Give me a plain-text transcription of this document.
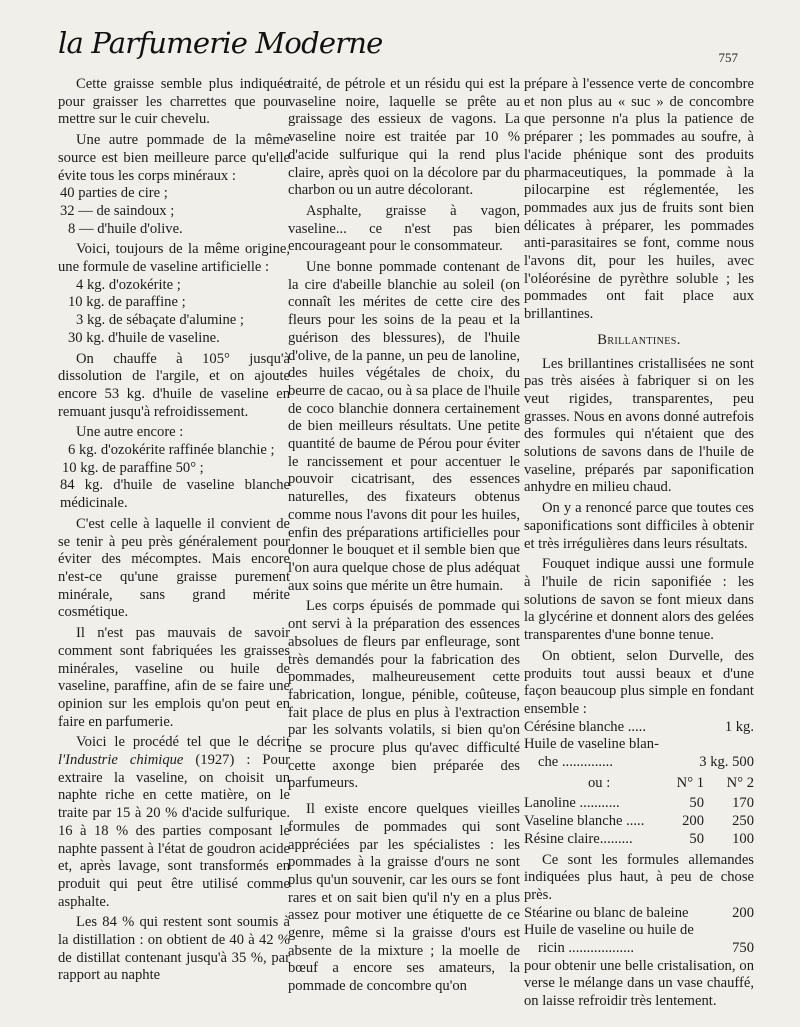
la Parfumerie Moderne	757

Cette graisse semble plus indiquée pour graisser les charrettes que pour mettre sur le cuir chevelu.

Une autre pommade de la même source est bien meilleure parce qu'elle évite tous les corps minéraux :

40 parties de cire ;

32 — de saindoux ;

8 — d'huile d'olive.

Voici, toujours de la même origine, une formule de vaseline artificielle :

4 kg. d'ozokérite ;

10 kg. de paraffine ;

3 kg. de sébaçate d'alumine ;

30 kg. d'huile de vaseline.

On chauffe à 105° jusqu'à dissolution de l'argile, et on ajoute encore 53 kg. d'huile de vaseline en remuant jusqu'à refroidissement.

Une autre encore :

6 kg. d'ozokérite raffinée blanchie ;

10 kg. de paraffine 50° ;

84 kg. d'huile de vaseline blanche médicinale.

C'est celle à laquelle il convient de se tenir à peu près généralement pour éviter des mécomptes. Mais encore n'est-ce qu'une graisse purement minérale, sans grand mérite cosmétique.

Il n'est pas mauvais de savoir comment sont fabriquées les graisses minérales, vaseline ou huile de vaseline, paraffine, afin de se faire une opinion sur les emplois qu'on peut en faire en parfumerie.

Voici le procédé tel que le décrit l'Industrie chimique (1927) : Pour extraire la vaseline, on choisit un naphte riche en cette matière, on le traite par 15 à 20 % d'acide sulfurique. 16 à 18 % des parties composant le naphte passent à l'état de goudron acide et, après lavage, sont transformés en produit qui peut être utilisé comme asphalte.

Les 84 % qui restent sont soumis à la distillation : on obtient de 40 à 42 % de distillat contenant jusqu'à 35 %, par rapport au naphte

traité, de pétrole et un résidu qui est la vaseline noire, laquelle se prête au graissage des essieux de vagons. La vaseline noire est traitée par 10 % d'acide sulfurique qui la rend plus claire, après quoi on la décolore par du charbon ou un autre décolorant.

Asphalte, graisse à vagon, vaseline... ce n'est pas bien encourageant pour le consommateur.

Une bonne pommade contenant de la cire d'abeille blanchie au soleil (on connaît les mérites de cette cire des fleurs pour les soins de la peau et la guérison des blessures), de l'huile d'olive, de la panne, un peu de lanoline, des huiles végétales de choix, du beurre de cacao, ou à sa place de l'huile de coco blanchie donnera certainement de bien meilleurs résultats. Une petite quantité de baume de Pérou pour éviter le rancissement et pour accentuer le pouvoir cicatrisant, des essences naturelles, des fixateurs obtenus comme nous l'avons dit pour les huiles, enfin des préparations artificielles pour donner le bouquet et il semble bien que l'on aura quelque chose de plus adéquat aux soins que mérite un être humain.

Les corps épuisés de pommade qui ont servi à la préparation des essences absolues de fleurs par enfleurage, sont très demandés pour la fabrication des pommades, malheureusement cette fabrication, longue, pénible, coûteuse, fait place de plus en plus à l'extraction par les solvants volatils, si bien qu'on ne se procure plus qu'avec difficulté cette axonge bien préparée des parfumeurs.

Il existe encore quelques vieilles formules de pommades qui sont appréciées par les spécialistes : les pommades à la graisse d'ours ne sont plus qu'un souvenir, car les ours se font rares et on sait bien qu'il n'y en a plus assez pour motiver une étiquette de ce genre, même si la graisse d'ours est absente de la mixture ; la moelle de bœuf a encore ses amateurs, la pommade de concombre qu'on

prépare à l'essence verte de concombre et non plus au « suc » de concombre que personne n'a plus la patience de préparer ; les pommades au soufre, à l'acide phénique sont des produits pharmaceutiques, la pommade à la pilocarpine est réglementée, les pommades aux jus de fruits sont bien délicates à préparer, les pommades anti-parasitaires se font, comme nous l'avons dit, pour les huiles, avec l'oléorésine de pyrèthre soluble ; les pommades ont fait place aux brillantines.

Brillantines.

Les brillantines cristallisées ne sont pas très aisées à fabriquer si on les veut rigides, transparentes, peu grasses. Nous en avons donné autrefois des formules qui n'étaient que des solutions de savons dans de l'huile de vaseline, préparés par saponification anhydre en milieu chaud.

On y a renoncé parce que toutes ces saponifications sont difficiles à obtenir et très irrégulières dans leurs résultats.

Fouquet indique aussi une formule à l'huile de ricin saponifiée : les solutions de savon se font mieux dans la glycérine et donnent alors des gelées transparentes d'une bonne tenue.

On obtient, selon Durvelle, des produits tout aussi beaux et d'une façon beaucoup plus simple en fondant ensemble :

Cérésine blanche .....	1 kg.
Huile de vaseline blan-
che ..............	3 kg. 500
ou :	N° 1	N° 2
Lanoline ...........	50	170
Vaseline blanche .....	200	250
Résine claire.........	50	100

Ce sont les formules allemandes indiquées plus haut, à peu de chose près.

Stéarine ou blanc de baleine	200
Huile de vaseline ou huile de
ricin ..................	750

pour obtenir une belle cristalisation, on verse le mélange dans un vase chauffé, on laisse refroidir très lentement.
